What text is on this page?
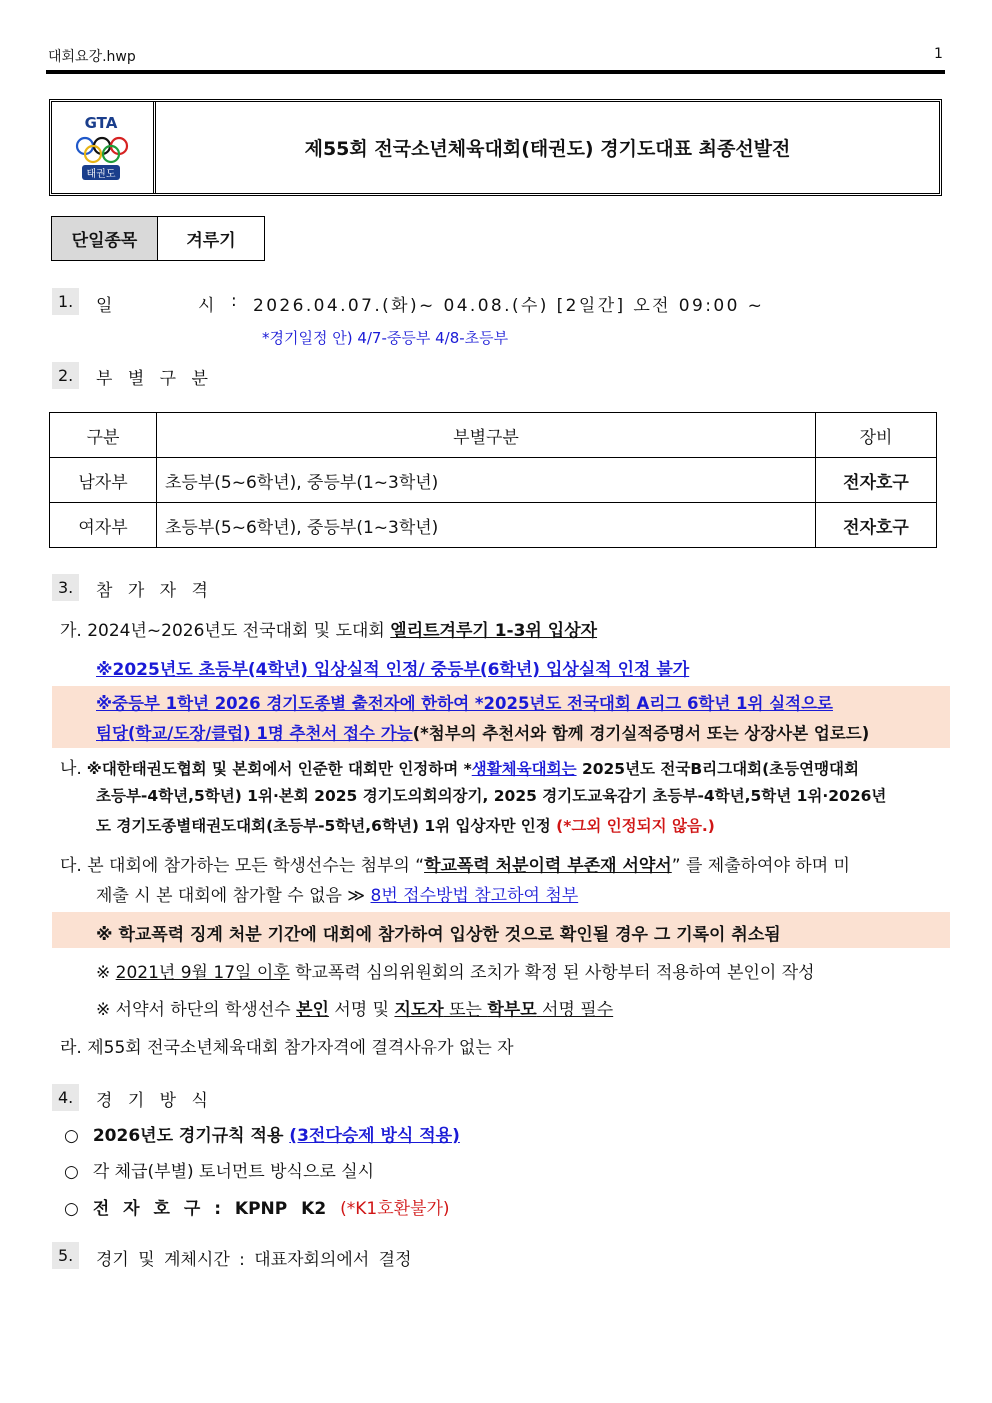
대회요강.hwp	1
GTA
태권도
제55회 전국소년체육대회(태권도) 경기도대표 최종선발전
단일종목	겨루기
1.	일	시 : 2026.04.07.(화)~ 04.08.(수) [2일간] 오전 09:00 ~
*경기일정 안) 4/7-중등부 4/8-초등부
2.	부 별 구 분
구분	부별구분	장비
남자부	초등부(5~6학년), 중등부(1~3학년)	전자호구
여자부	초등부(5~6학년), 중등부(1~3학년)	전자호구
3.	참 가 자 격
가. 2024년~2026년도 전국대회 및 도대회 엘리트겨루기 1-3위 입상자
※2025년도 초등부(4학년) 입상실적 인정/ 중등부(6학년) 입상실적 인정 불가
※중등부 1학년 2026 경기도종별 출전자에 한하여 *2025년도 전국대회 A리그 6학년 1위 실적으로
팀당(학교/도장/클럽) 1명 추천서 접수 가능(*첨부의 추천서와 함께 경기실적증명서 또는 상장사본 업로드)
나. ※대한태권도협회 및 본회에서 인준한 대회만 인정하며 *생활체육대회는 2025년도 전국B리그대회(초등연맹대회
초등부-4학년,5학년) 1위·본회 2025 경기도의회의장기, 2025 경기도교육감기 초등부-4학년,5학년 1위·2026년
도 경기도종별태권도대회(초등부-5학년,6학년) 1위 입상자만 인정 (*그외 인정되지 않음.)
다. 본 대회에 참가하는 모든 학생선수는 첨부의 “학교폭력 처분이력 부존재 서약서” 를 제출하여야 하며 미
제출 시 본 대회에 참가할 수 없음 ≫ 8번 접수방법 참고하여 첨부
※ 학교폭력 징계 처분 기간에 대회에 참가하여 입상한 것으로 확인될 경우 그 기록이 취소됨
※ 2021년 9월 17일 이후 학교폭력 심의위원회의 조치가 확정 된 사항부터 적용하여 본인이 작성
※ 서약서 하단의 학생선수 본인 서명 및 지도자 또는 학부모 서명 필수
라. 제55회 전국소년체육대회 참가자격에 결격사유가 없는 자
4.	경 기 방 식
○ 2026년도 경기규칙 적용 (3전다승제 방식 적용)
○ 각 체급(부별) 토너먼트 방식으로 실시
○ 전 자 호 구 : KPNP K2 (*K1호환불가)
5.	경기 및 계체시간 : 대표자회의에서 결정
